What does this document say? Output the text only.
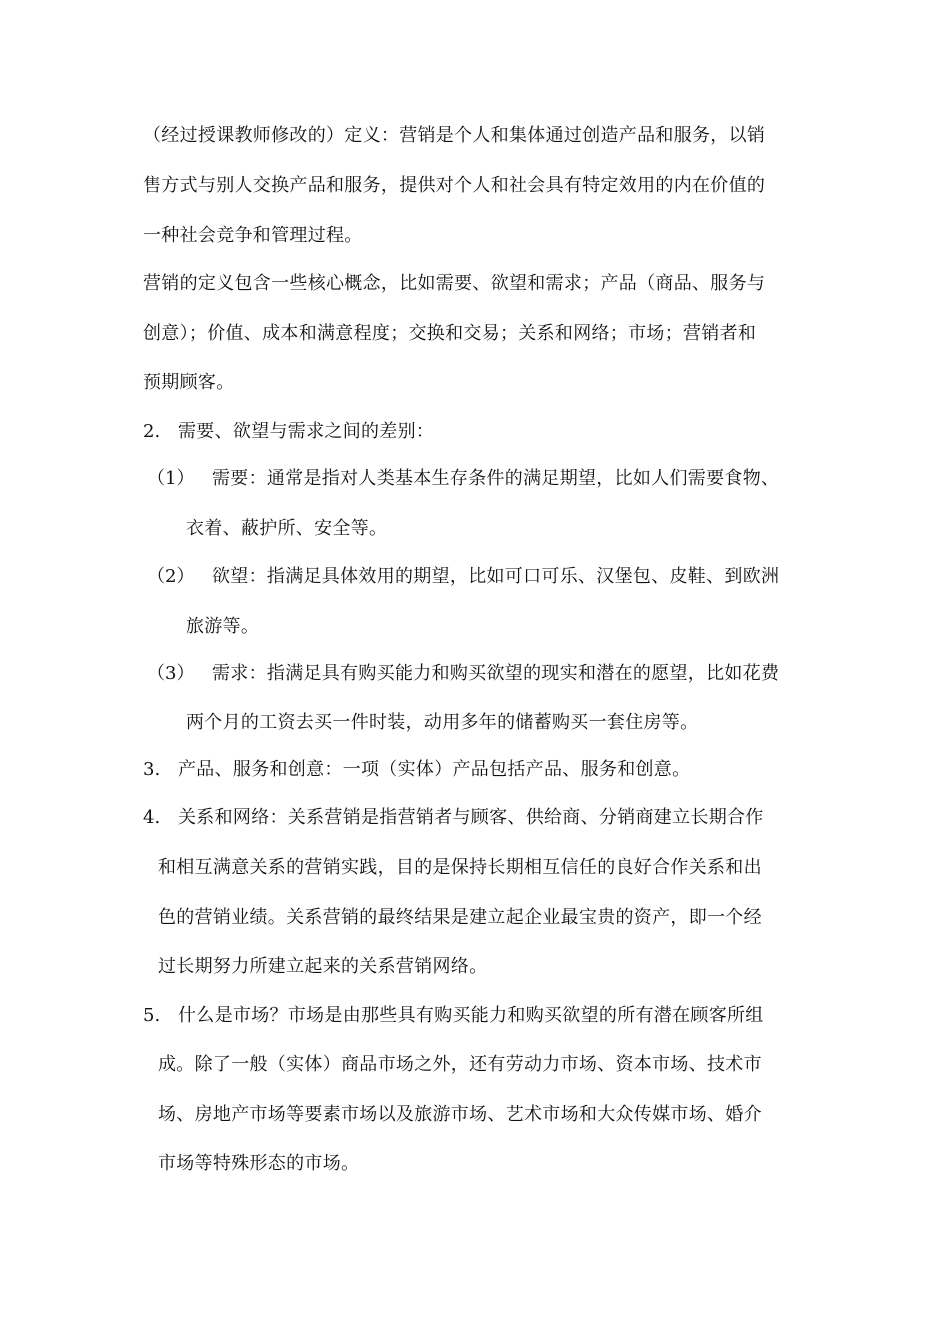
（经过授课教师修改的）定义：营销是个人和集体通过创造产品和服务，以销
售方式与别人交换产品和服务，提供对个人和社会具有特定效用的内在价值的
一种社会竞争和管理过程。
营销的定义包含一些核心概念，比如需要、欲望和需求；产品（商品、服务与
创意）；价值、成本和满意程度；交换和交易；关系和网络；市场；营销者和
预期顾客。
2. 需要、欲望与需求之间的差别：
（1） 需要：通常是指对人类基本生存条件的满足期望，比如人们需要食物、
衣着、蔽护所、安全等。
（2） 欲望：指满足具体效用的期望，比如可口可乐、汉堡包、皮鞋、到欧洲
旅游等。
（3） 需求：指满足具有购买能力和购买欲望的现实和潜在的愿望，比如花费
两个月的工资去买一件时装，动用多年的储蓄购买一套住房等。
3. 产品、服务和创意：一项（实体）产品包括产品、服务和创意。
4. 关系和网络：关系营销是指营销者与顾客、供给商、分销商建立长期合作
和相互满意关系的营销实践，目的是保持长期相互信任的良好合作关系和出
色的营销业绩。关系营销的最终结果是建立起企业最宝贵的资产，即一个经
过长期努力所建立起来的关系营销网络。
5. 什么是市场？市场是由那些具有购买能力和购买欲望的所有潜在顾客所组
成。除了一般（实体）商品市场之外，还有劳动力市场、资本市场、技术市
场、房地产市场等要素市场以及旅游市场、艺术市场和大众传媒市场、婚介
市场等特殊形态的市场。
